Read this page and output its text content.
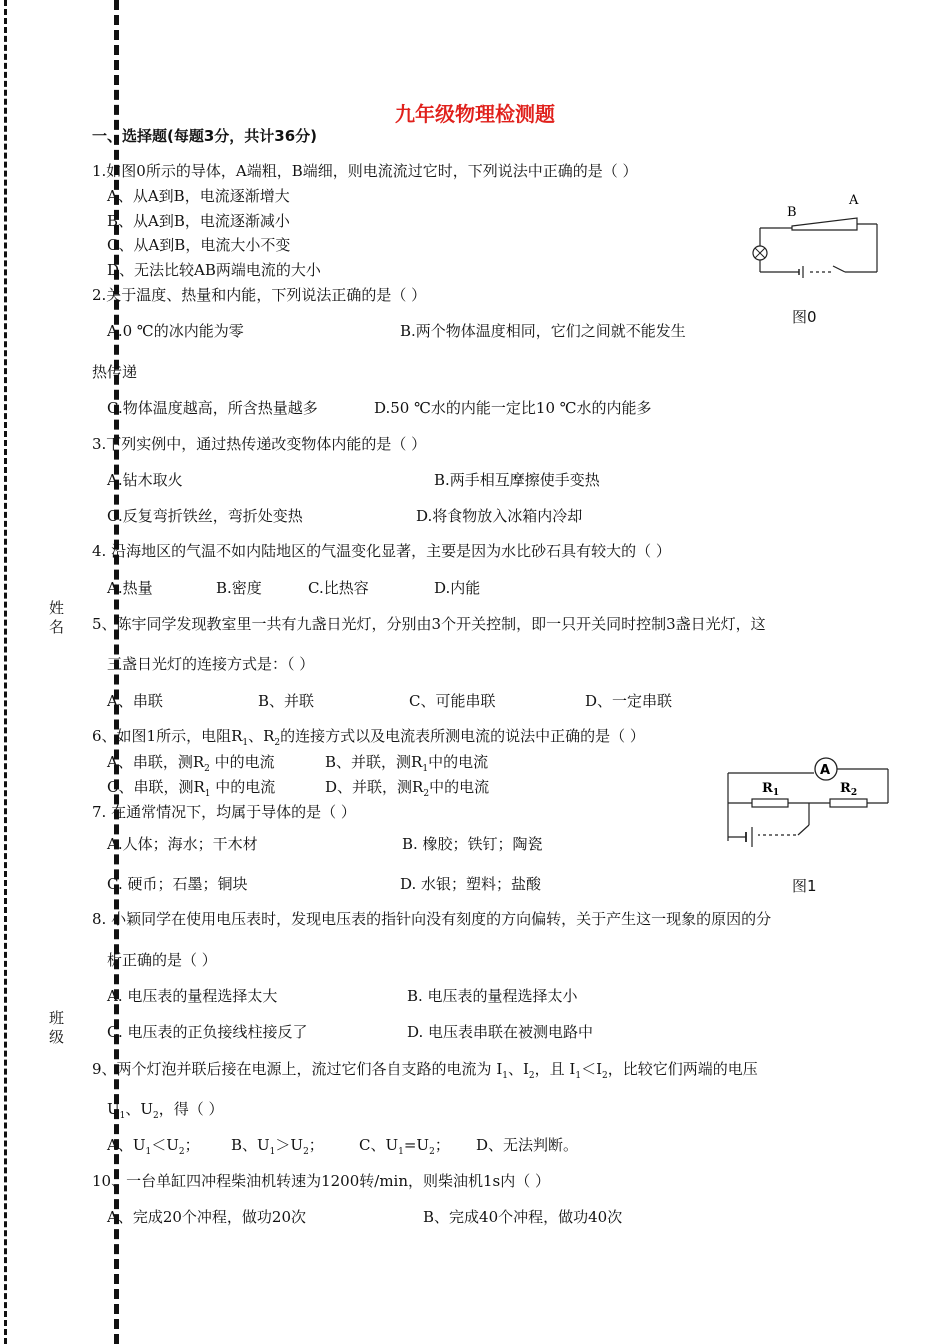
姓名
班级
九年级物理检测题
一、选择题(每题3分，共计36分)
1.如图0所示的导体，A端粗，B端细，则电流流过它时，下列说法中正确的是（ ）
A、从A到B，电流逐渐增大
B、从A到B，电流逐渐减小
C、从A到B，电流大小不变
D、无法比较AB两端电流的大小
B
A
图0
2.关于温度、热量和内能，下列说法正确的是（ ）
A.0 ℃的冰内能为零	B.两个物体温度相同，它们之间就不能发生
热传递
C.物体温度越高，所含热量越多	D.50 ℃水的内能一定比10 ℃水的内能多
3.下列实例中，通过热传递改变物体内能的是（ ）
A.钻木取火	B.两手相互摩擦使手变热
C.反复弯折铁丝，弯折处变热	D.将食物放入冰箱内冷却
4. 沿海地区的气温不如内陆地区的气温变化显著，主要是因为水比砂石具有较大的（ ）
A.热量	B.密度	C.比热容	D.内能
5、陈宇同学发现教室里一共有九盏日光灯，分别由3个开关控制，即一只开关同时控制3盏日光灯，这
三盏日光灯的连接方式是：（ ）
A、串联	B、并联	C、可能串联	D、一定串联
6、如图1所示，电阻$R_1$、$R_2$的连接方式以及电流表所测电流的说法中正确的是（ ）
A、串联，测$R_2$ 中的电流	B、并联，测$R_1$中的电流
C、串联，测$R_1$ 中的电流	D、并联，测$R_2$中的电流
A
$R_1$	$R_2$
图1
7. 在通常情况下，均属于导体的是（ ）
A.人体；海水；干木材	B. 橡胶；铁钉；陶瓷
C. 硬币；石墨；铜块	D. 水银；塑料；盐酸
8. 小颖同学在使用电压表时，发现电压表的指针向没有刻度的方向偏转，关于产生这一现象的原因的分
析正确的是（ ）
A. 电压表的量程选择太大	B. 电压表的量程选择太小
C. 电压表的正负接线柱接反了	D. 电压表串联在被测电路中
9、两个灯泡并联后接在电源上，流过它们各自支路的电流为 $I_1$、$I_2$，且 $I_1<I_2$，比较它们两端的电压
$U_1$、$U_2$，得（ ）
A、$U_1<U_2$； B、$U_1>U_2$； C、$U_1=U_2$； D、无法判断。
10、一台单缸四冲程柴油机转速为1200转/min，则柴油机1s内（ ）
A、完成20个冲程，做功20次	B、完成40个冲程，做功40次
